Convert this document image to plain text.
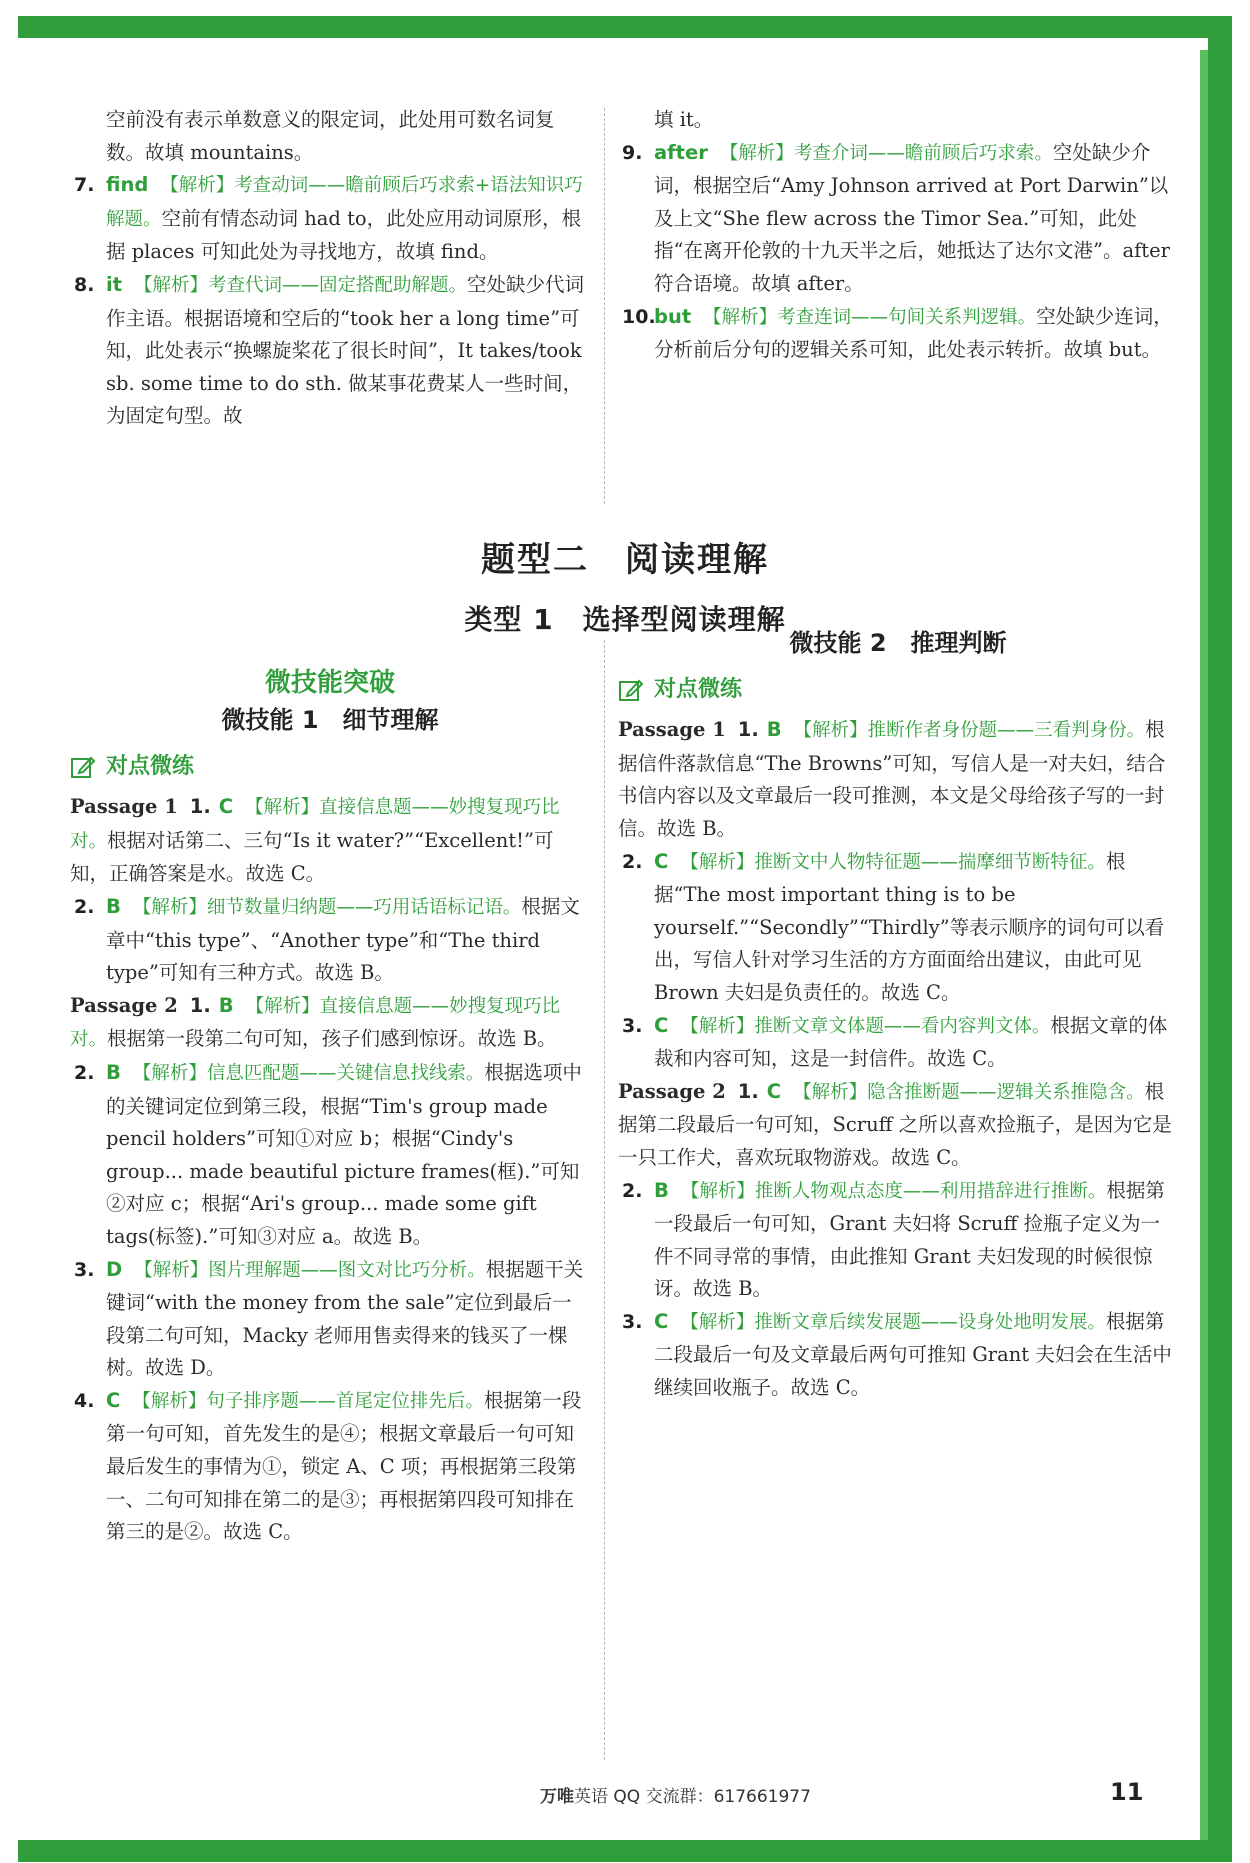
空前没有表示单数意义的限定词，此处用可数名词复数。故填 mountains。

7. find 【解析】考查动词——瞻前顾后巧求索+语法知识巧解题。空前有情态动词 had to，此处应用动词原形，根据 places 可知此处为寻找地方，故填 find。
8. it 【解析】考查代词——固定搭配助解题。空处缺少代词作主语。根据语境和空后的“took her a long time”可知，此处表示“换螺旋桨花了很长时间”，It takes/took sb. some time to do sth. 做某事花费某人一些时间，为固定句型。故

填 it。

9. after 【解析】考查介词——瞻前顾后巧求索。空处缺少介词，根据空后“Amy Johnson arrived at Port Darwin”以及上文“She flew across the Timor Sea.”可知，此处指“在离开伦敦的十九天半之后，她抵达了达尔文港”。after 符合语境。故填 after。
10.
but 【解析】考查连词——句间关系判逻辑。空处缺少连词，分析前后分句的逻辑关系可知，此处表示转折。故填 but。
题型二　阅读理解
类型 1　选择型阅读理解
微技能突破

微技能 1　细节理解

对点微练

Passage 1 1. C 【解析】直接信息题——妙搜复现巧比对。根据对话第二、三句“Is it water?”“Excellent!”可知，正确答案是水。故选 C。

2. B 【解析】细节数量归纳题——巧用话语标记语。根据文章中“this type”、“Another type”和“The third type”可知有三种方式。故选 B。

Passage 2 1. B 【解析】直接信息题——妙搜复现巧比对。根据第一段第二句可知，孩子们感到惊讶。故选 B。

2. B 【解析】信息匹配题——关键信息找线索。根据选项中的关键词定位到第三段，根据“Tim's group made pencil holders”可知①对应 b；根据“Cindy's group... made beautiful picture frames(框).”可知②对应 c；根据“Ari's group... made some gift tags(标签).”可知③对应 a。故选 B。
3. D 【解析】图片理解题——图文对比巧分析。根据题干关键词“with the money from the sale”定位到最后一段第二句可知，Macky 老师用售卖得来的钱买了一棵树。故选 D。
4. C 【解析】句子排序题——首尾定位排先后。根据第一段第一句可知，首先发生的是④；根据文章最后一句可知最后发生的事情为①，锁定 A、C 项；再根据第三段第一、二句可知排在第二的是③；再根据第四段可知排在第三的是②。故选 C。

微技能 2　推理判断

对点微练

Passage 1 1. B 【解析】推断作者身份题——三看判身份。根据信件落款信息“The Browns”可知，写信人是一对夫妇，结合书信内容以及文章最后一段可推测，本文是父母给孩子写的一封信。故选 B。

2. C 【解析】推断文中人物特征题——揣摩细节断特征。根据“The most important thing is to be yourself.”“Secondly”“Thirdly”等表示顺序的词句可以看出，写信人针对学习生活的方方面面给出建议，由此可见 Brown 夫妇是负责任的。故选 C。
3. C 【解析】推断文章文体题——看内容判文体。根据文章的体裁和内容可知，这是一封信件。故选 C。

Passage 2 1. C 【解析】隐含推断题——逻辑关系推隐含。根据第二段最后一句可知，Scruff 之所以喜欢捡瓶子，是因为它是一只工作犬，喜欢玩取物游戏。故选 C。

2. B 【解析】推断人物观点态度——利用措辞进行推断。根据第一段最后一句可知，Grant 夫妇将 Scruff 捡瓶子定义为一件不同寻常的事情，由此推知 Grant 夫妇发现的时候很惊讶。故选 B。
3. C 【解析】推断文章后续发展题——设身处地明发展。根据第二段最后一句及文章最后两句可推知 Grant 夫妇会在生活中继续回收瓶子。故选 C。
万唯英语 QQ 交流群：617661977	11
